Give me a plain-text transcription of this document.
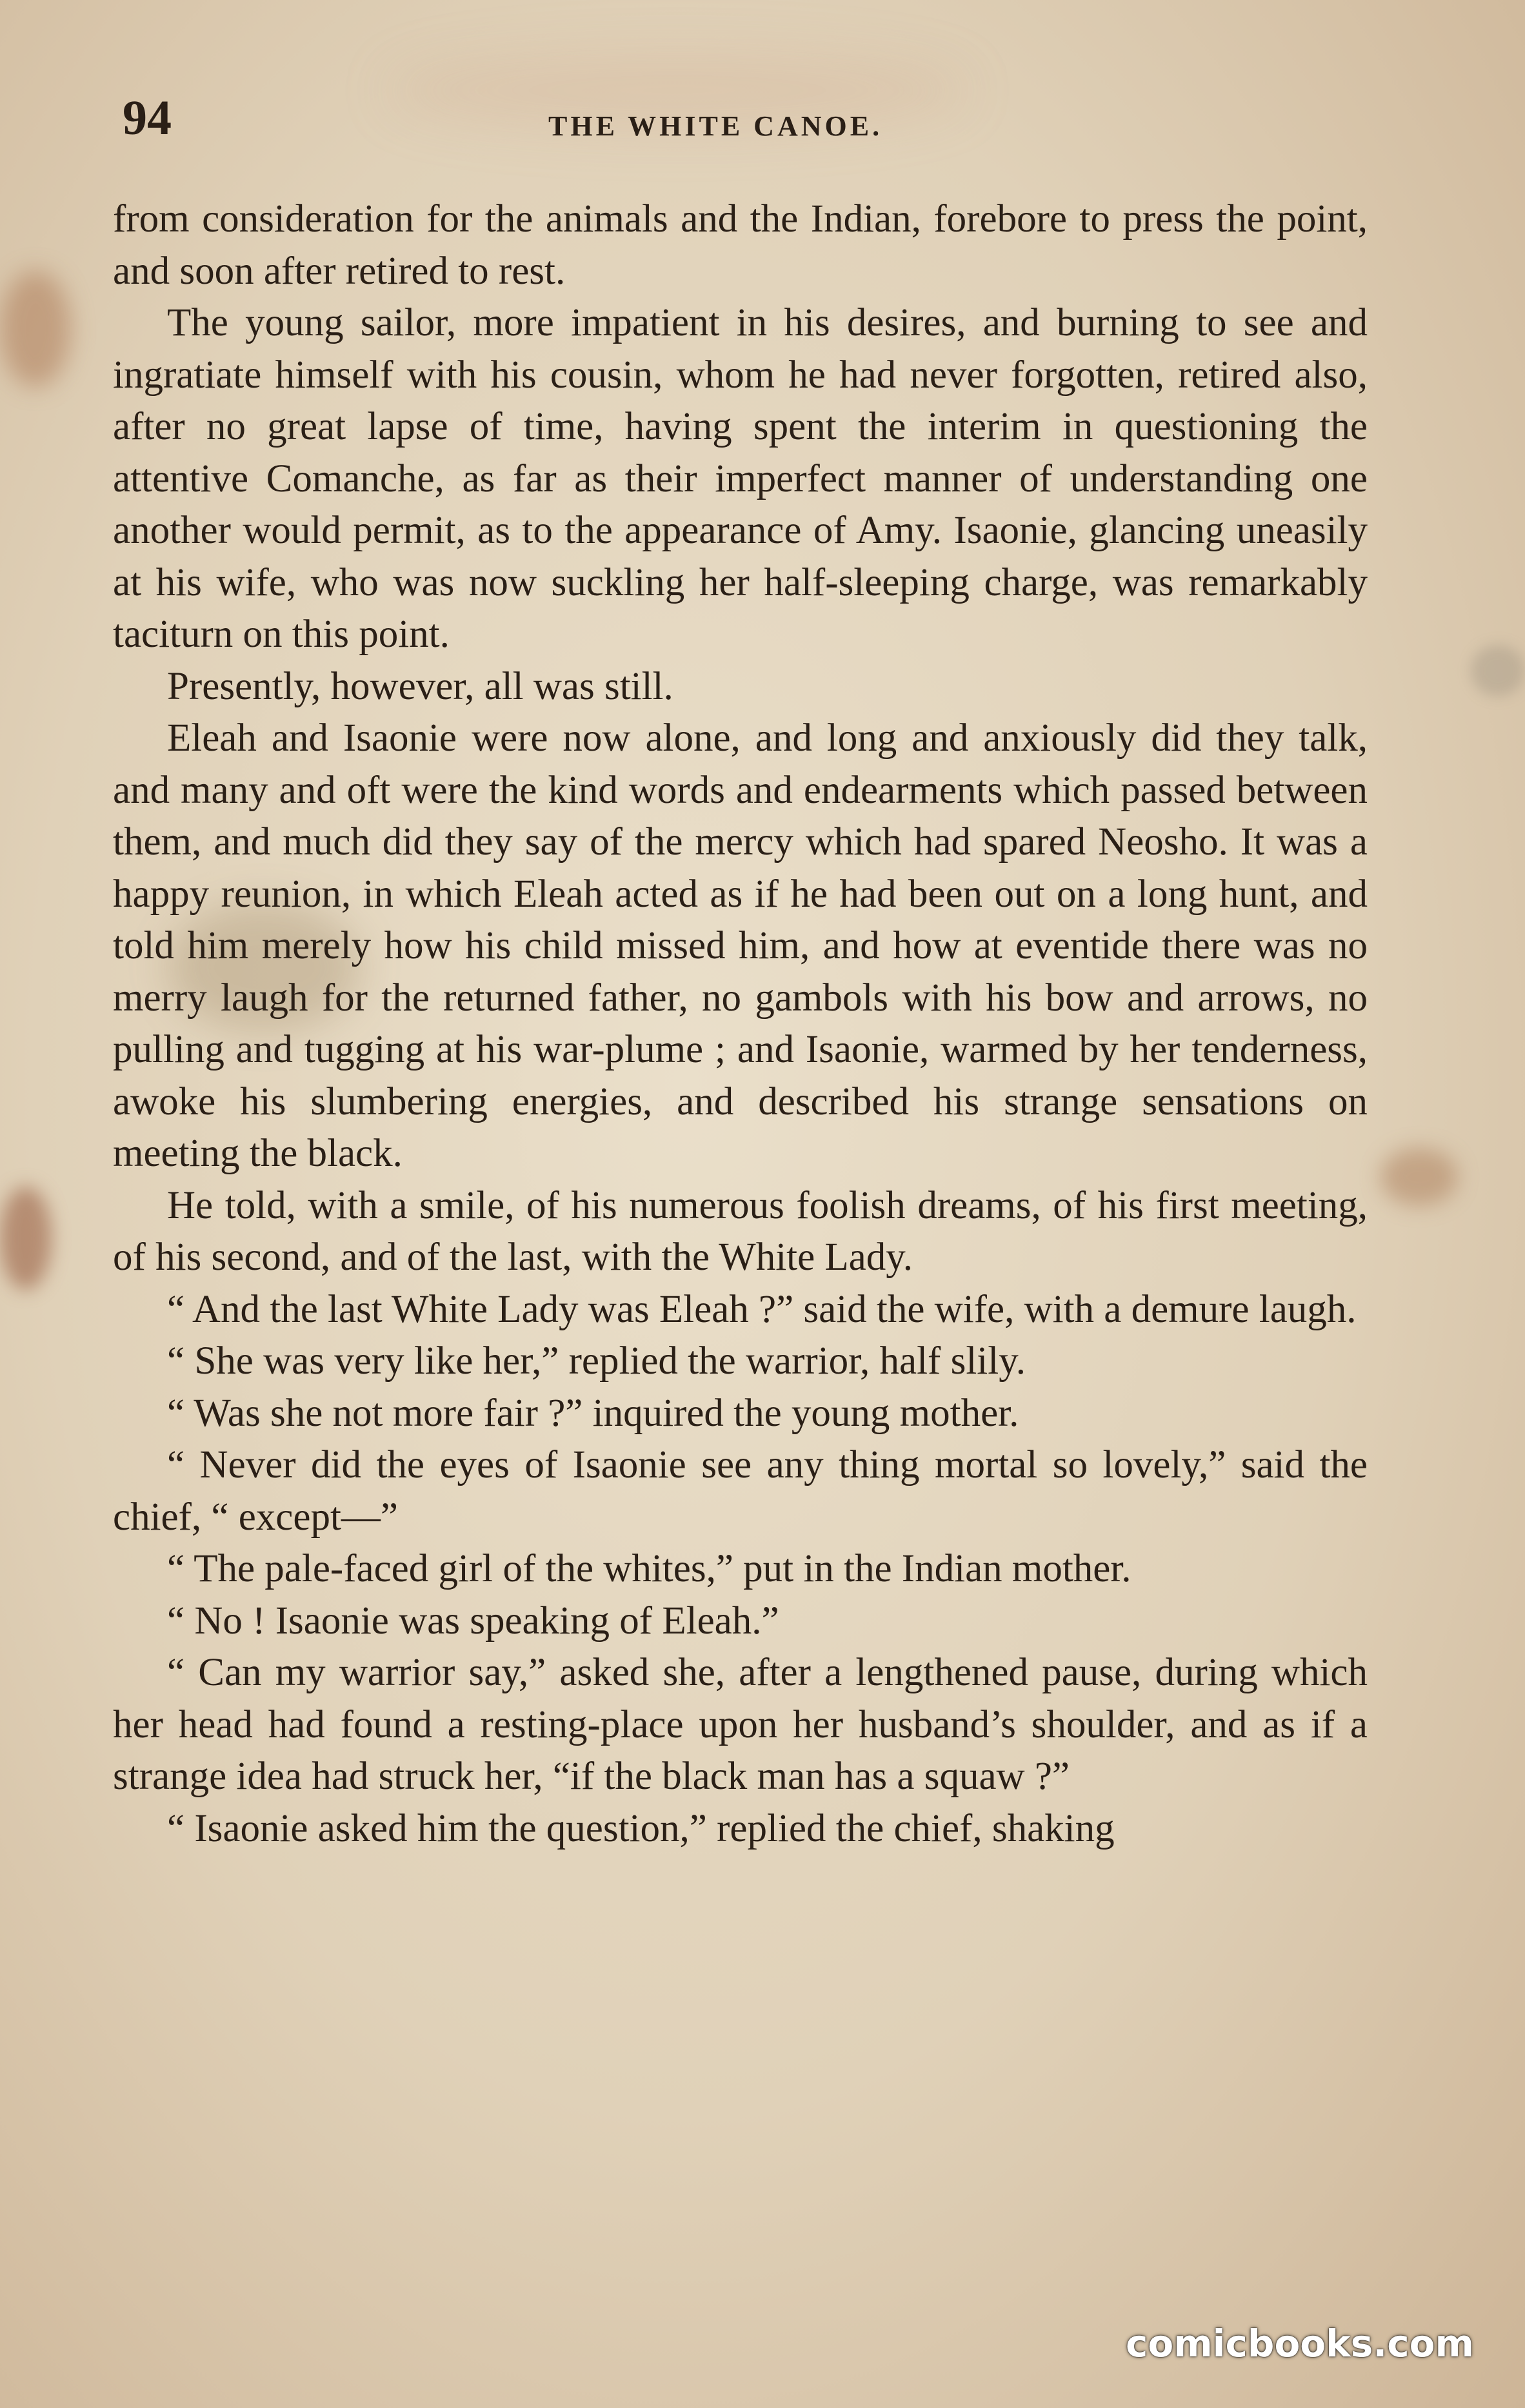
94	THE WHITE CANOE.

from consideration for the animals and the Indian, forebore to press the point, and soon after retired to rest.

The young sailor, more impatient in his desires, and burning to see and ingratiate himself with his cousin, whom he had never forgotten, retired also, after no great lapse of time, having spent the interim in questioning the attentive Comanche, as far as their imperfect manner of understanding one another would permit, as to the appearance of Amy. Isaonie, glancing uneasily at his wife, who was now suckling her half-sleeping charge, was remarkably taciturn on this point.

Presently, however, all was still.

Eleah and Isaonie were now alone, and long and anxiously did they talk, and many and oft were the kind words and endearments which passed between them, and much did they say of the mercy which had spared Neosho. It was a happy reunion, in which Eleah acted as if he had been out on a long hunt, and told him merely how his child missed him, and how at eventide there was no merry laugh for the returned father, no gambols with his bow and arrows, no pulling and tugging at his war-plume ; and Isaonie, warmed by her tenderness, awoke his slumbering energies, and described his strange sensations on meeting the black.

He told, with a smile, of his numerous foolish dreams, of his first meeting, of his second, and of the last, with the White Lady.

“ And the last White Lady was Eleah ?” said the wife, with a demure laugh.

“ She was very like her,” replied the warrior, half slily.

“ Was she not more fair ?” inquired the young mother.

“ Never did the eyes of Isaonie see any thing mortal so lovely,” said the chief, “ except—”

“ The pale-faced girl of the whites,” put in the Indian mother.

“ No ! Isaonie was speaking of Eleah.”

“ Can my warrior say,” asked she, after a lengthened pause, during which her head had found a resting-place upon her husband’s shoulder, and as if a strange idea had struck her, “if the black man has a squaw ?”

“ Isaonie asked him the question,” replied the chief, shaking

comicbooks.com
